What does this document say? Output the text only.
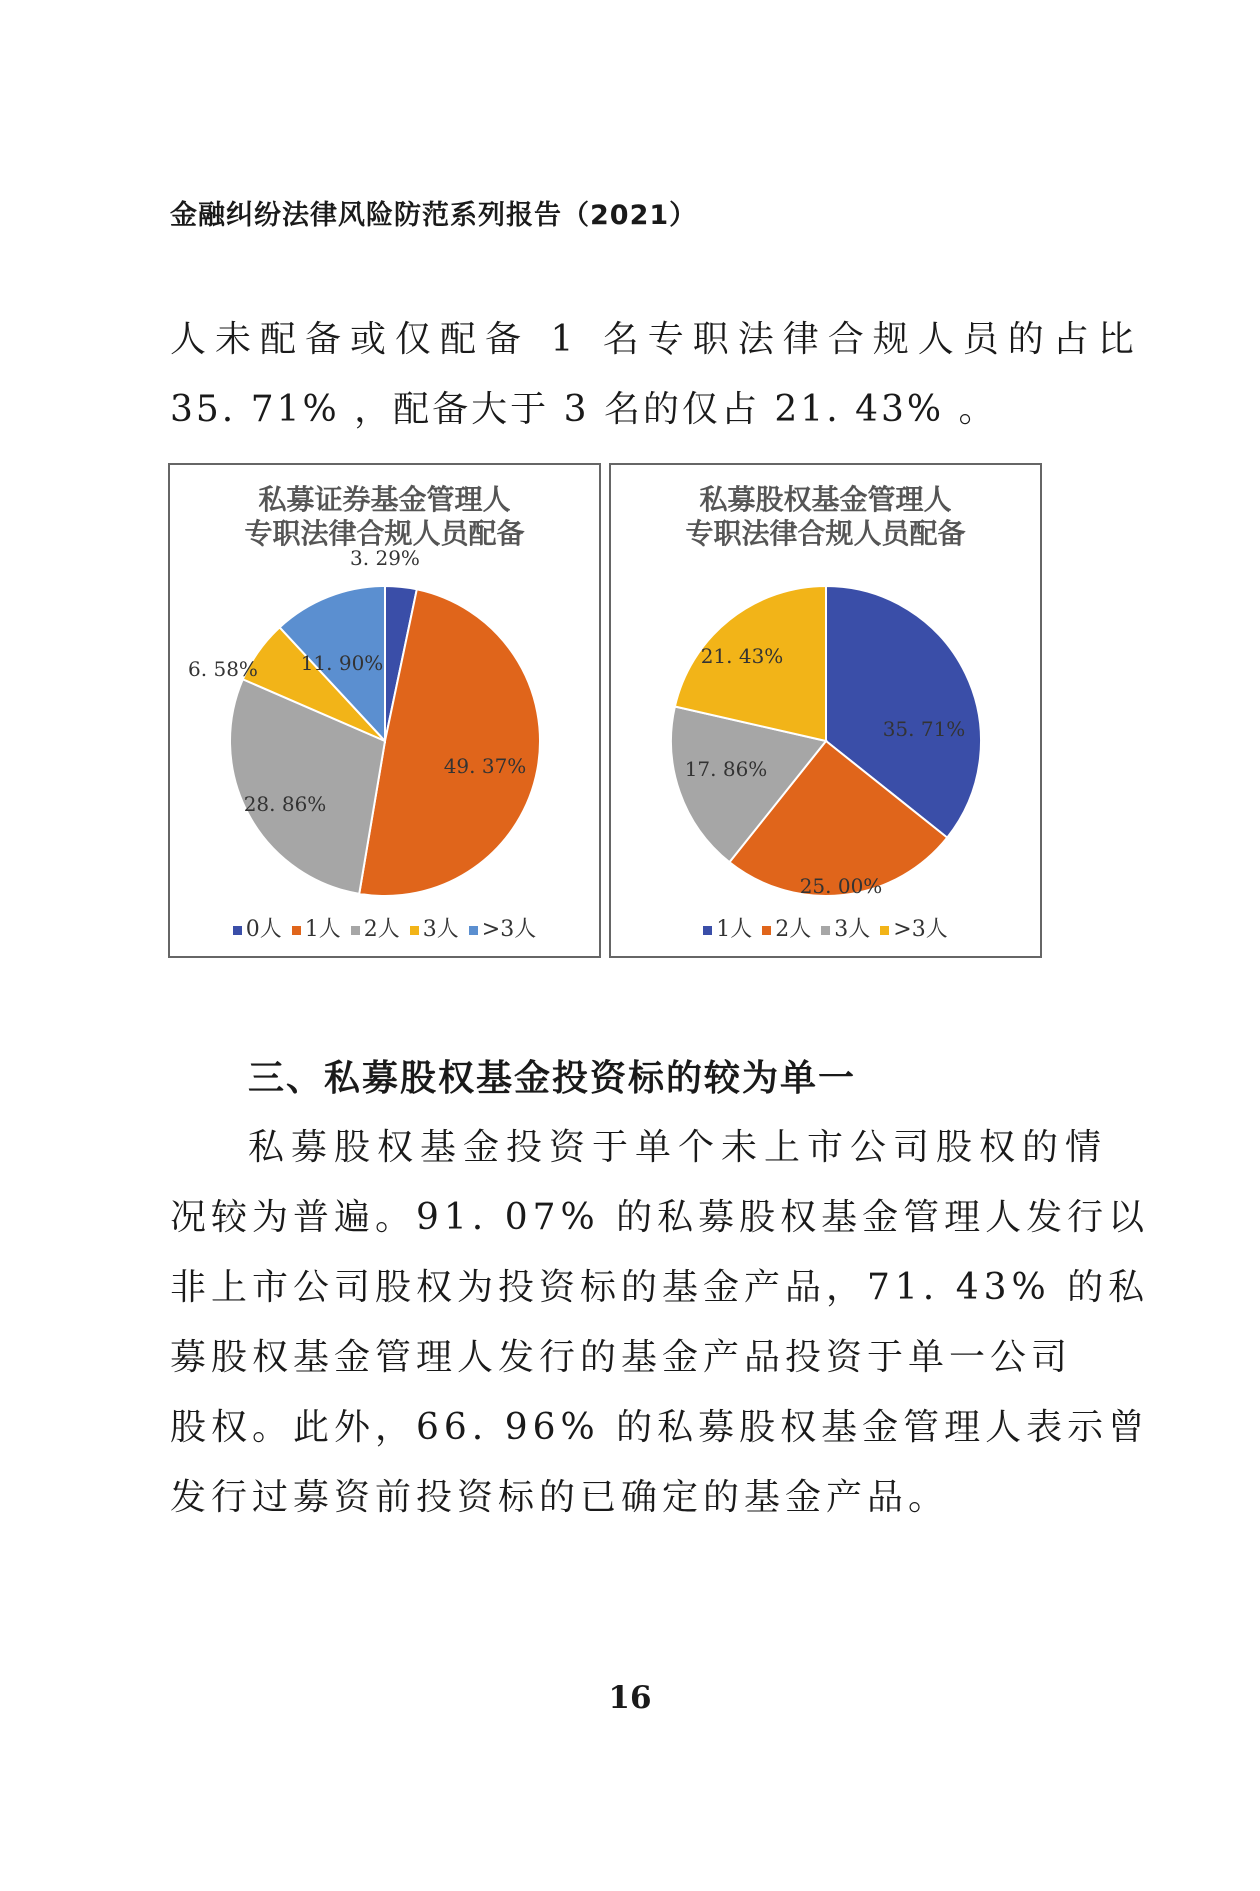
金融纠纷法律风险防范系列报告（2021）
人未配备或仅配备 1 名专职法律合规人员的占比
35. 71% ，配备大于 3 名的仅占 21. 43% 。
私募证券基金管理人
专职法律合规人员配备
3. 29%
49. 37%
28. 86%
6. 58% 11. 90%
0人 1人 2人 3人 >3人
私募股权基金管理人
专职法律合规人员配备
35. 71%
25. 00%
17. 86%
21. 43%
1人 2人 3人 >3人
三、私募股权基金投资标的较为单一
私募股权基金投资于单个未上市公司股权的情
况较为普遍。91. 07% 的私募股权基金管理人发行以
非上市公司股权为投资标的基金产品，71. 43% 的私
募股权基金管理人发行的基金产品投资于单一公司
股权。此外，66. 96% 的私募股权基金管理人表示曾
发行过募资前投资标的已确定的基金产品。
16
